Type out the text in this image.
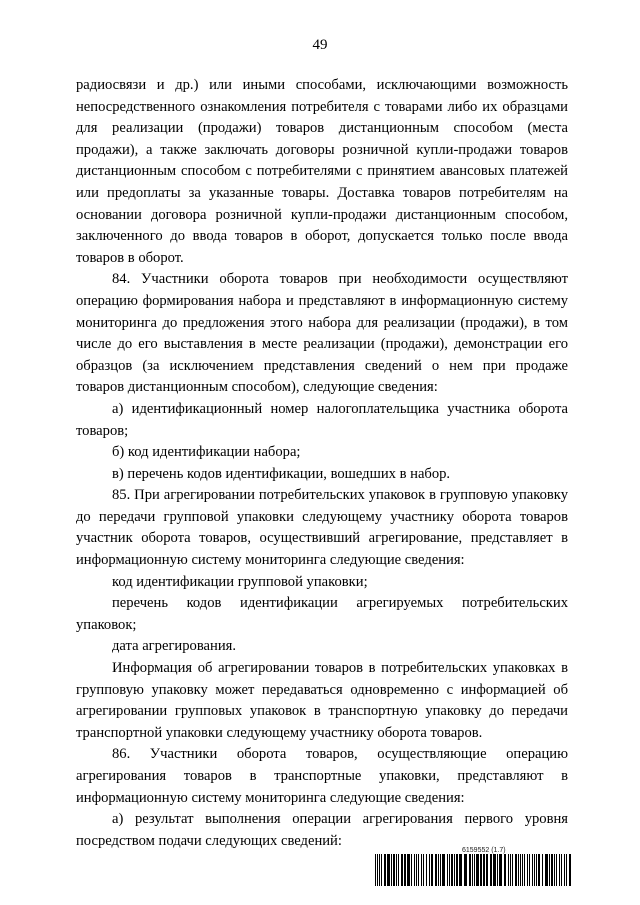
49

радиосвязи и др.) или иными способами, исключающими возможность непосредственного ознакомления потребителя с товарами либо их образцами для реализации (продажи) товаров дистанционным способом (места продажи), а также заключать договоры розничной купли-продажи товаров дистанционным способом с потребителями с принятием авансовых платежей или предоплаты за указанные товары. Доставка товаров потребителям на основании договора розничной купли-продажи дистанционным способом, заключенного до ввода товаров в оборот, допускается только после ввода товаров в оборот.

84. Участники оборота товаров при необходимости осуществляют операцию формирования набора и представляют в информационную систему мониторинга до предложения этого набора для реализации (продажи), в том числе до его выставления в месте реализации (продажи), демонстрации его образцов (за исключением представления сведений о нем при продаже товаров дистанционным способом), следующие сведения:

а) идентификационный номер налогоплательщика участника оборота товаров;

б) код идентификации набора;

в) перечень кодов идентификации, вошедших в набор.

85. При агрегировании потребительских упаковок в групповую упаковку до передачи групповой упаковки следующему участнику оборота товаров участник оборота товаров, осуществивший агрегирование, представляет в информационную систему мониторинга следующие сведения:

код идентификации групповой упаковки;

перечень кодов идентификации агрегируемых потребительских упаковок;

дата агрегирования.

Информация об агрегировании товаров в потребительских упаковках в групповую упаковку может передаваться одновременно с информацией об агрегировании групповых упаковок в транспортную упаковку до передачи транспортной упаковки следующему участнику оборота товаров.

86. Участники оборота товаров, осуществляющие операцию агрегирования товаров в транспортные упаковки, представляют в информационную систему мониторинга следующие сведения:

а) результат выполнения операции агрегирования первого уровня посредством подачи следующих сведений:

6159552 (1.7)
